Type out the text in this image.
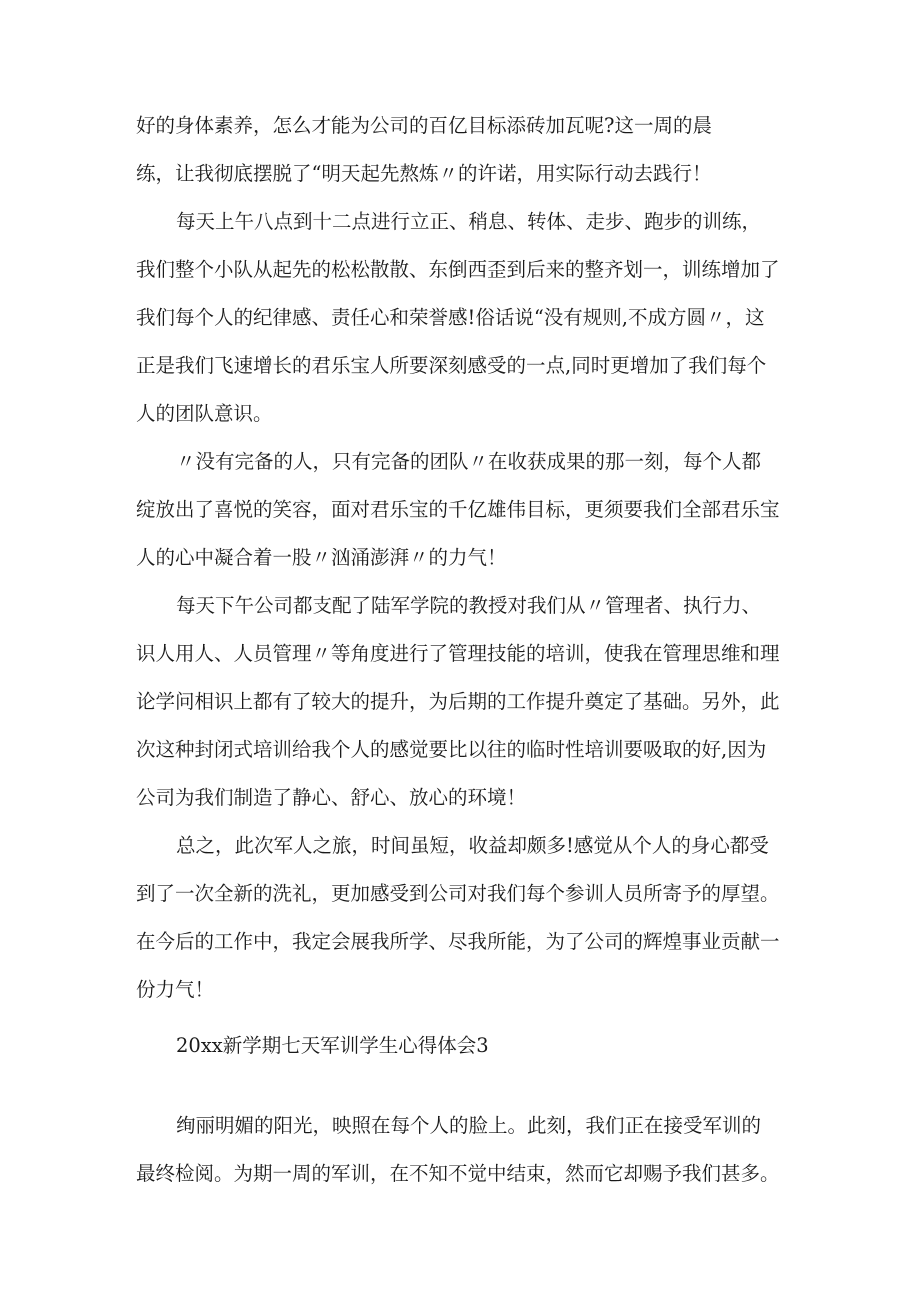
好的身体素养，怎么才能为公司的百亿目标添砖加瓦呢?这一周的晨
练，让我彻底摆脱了“明天起先熬炼〃的许诺，用实际行动去践行！
每天上午八点到十二点进行立正、稍息、转体、走步、跑步的训练，
我们整个小队从起先的松松散散、东倒西歪到后来的整齐划一，训练增加了
我们每个人的纪律感、责任心和荣誉感!俗话说“没有规则,不成方圆〃，这
正是我们飞速增长的君乐宝人所要深刻感受的一点,同时更增加了我们每个
人的团队意识。
〃没有完备的人，只有完备的团队〃在收获成果的那一刻，每个人都
绽放出了喜悦的笑容，面对君乐宝的千亿雄伟目标，更须要我们全部君乐宝
人的心中凝合着一股〃汹涌澎湃〃的力气！
每天下午公司都支配了陆军学院的教授对我们从〃管理者、执行力、
识人用人、人员管理〃等角度进行了管理技能的培训，使我在管理思维和理
论学问相识上都有了较大的提升，为后期的工作提升奠定了基础。另外，此
次这种封闭式培训给我个人的感觉要比以往的临时性培训要吸取的好,因为
公司为我们制造了静心、舒心、放心的环境！
总之，此次军人之旅，时间虽短，收益却颇多!感觉从个人的身心都受
到了一次全新的洗礼，更加感受到公司对我们每个参训人员所寄予的厚望。
在今后的工作中，我定会展我所学、尽我所能，为了公司的辉煌事业贡献一
份力气！
20xx新学期七天军训学生心得体会3
绚丽明媚的阳光，映照在每个人的脸上。此刻，我们正在接受军训的
最终检阅。为期一周的军训，在不知不觉中结束，然而它却赐予我们甚多。
